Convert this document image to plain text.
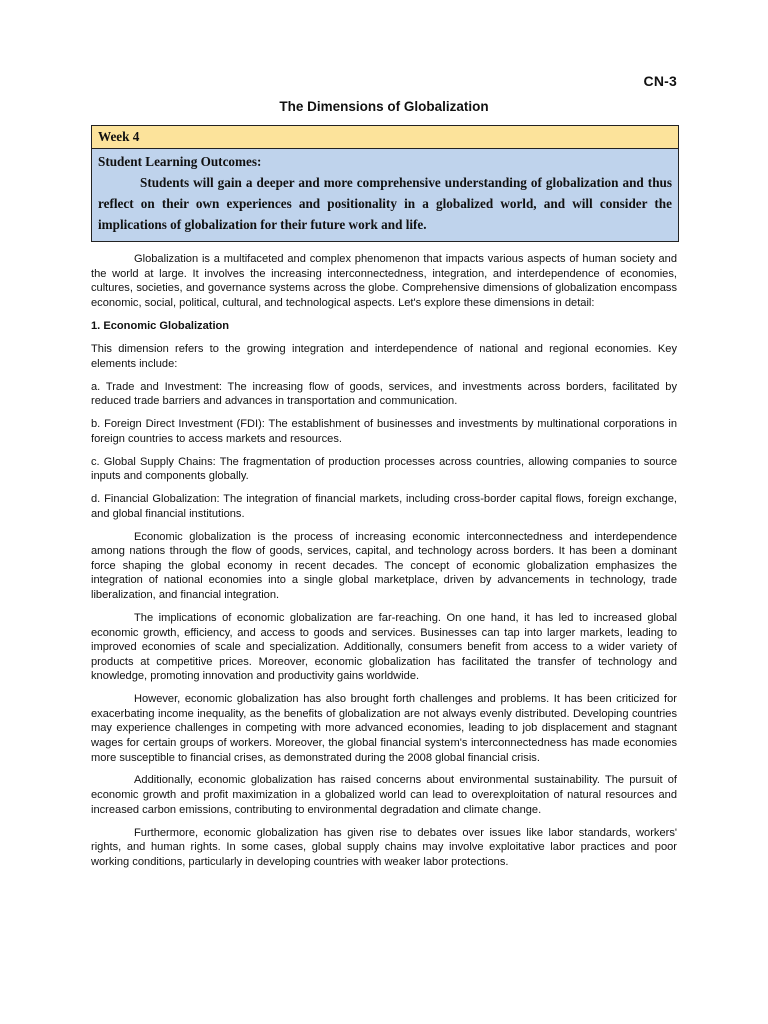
CN-3
The Dimensions of Globalization
Week 4
Student Learning Outcomes:
Students will gain a deeper and more comprehensive understanding of globalization and thus reflect on their own experiences and positionality in a globalized world, and will consider the implications of globalization for their future work and life.

Globalization is a multifaceted and complex phenomenon that impacts various aspects of human society and the world at large. It involves the increasing interconnectedness, integration, and interdependence of economies, cultures, societies, and governance systems across the globe. Comprehensive dimensions of globalization encompass economic, social, political, cultural, and technological aspects. Let's explore these dimensions in detail:

1. Economic Globalization

This dimension refers to the growing integration and interdependence of national and regional economies. Key elements include:

a. Trade and Investment: The increasing flow of goods, services, and investments across borders, facilitated by reduced trade barriers and advances in transportation and communication.

b. Foreign Direct Investment (FDI): The establishment of businesses and investments by multinational corporations in foreign countries to access markets and resources.

c. Global Supply Chains: The fragmentation of production processes across countries, allowing companies to source inputs and components globally.

d. Financial Globalization: The integration of financial markets, including cross-border capital flows, foreign exchange, and global financial institutions.

Economic globalization is the process of increasing economic interconnectedness and interdependence among nations through the flow of goods, services, capital, and technology across borders. It has been a dominant force shaping the global economy in recent decades. The concept of economic globalization emphasizes the integration of national economies into a single global marketplace, driven by advancements in technology, trade liberalization, and financial integration.

The implications of economic globalization are far-reaching. On one hand, it has led to increased global economic growth, efficiency, and access to goods and services. Businesses can tap into larger markets, leading to improved economies of scale and specialization. Additionally, consumers benefit from access to a wider variety of products at competitive prices. Moreover, economic globalization has facilitated the transfer of technology and knowledge, promoting innovation and productivity gains worldwide.

However, economic globalization has also brought forth challenges and problems. It has been criticized for exacerbating income inequality, as the benefits of globalization are not always evenly distributed. Developing countries may experience challenges in competing with more advanced economies, leading to job displacement and stagnant wages for certain groups of workers. Moreover, the global financial system's interconnectedness has made economies more susceptible to financial crises, as demonstrated during the 2008 global financial crisis.

Additionally, economic globalization has raised concerns about environmental sustainability. The pursuit of economic growth and profit maximization in a globalized world can lead to overexploitation of natural resources and increased carbon emissions, contributing to environmental degradation and climate change.

Furthermore, economic globalization has given rise to debates over issues like labor standards, workers' rights, and human rights. In some cases, global supply chains may involve exploitative labor practices and poor working conditions, particularly in developing countries with weaker labor protections.
